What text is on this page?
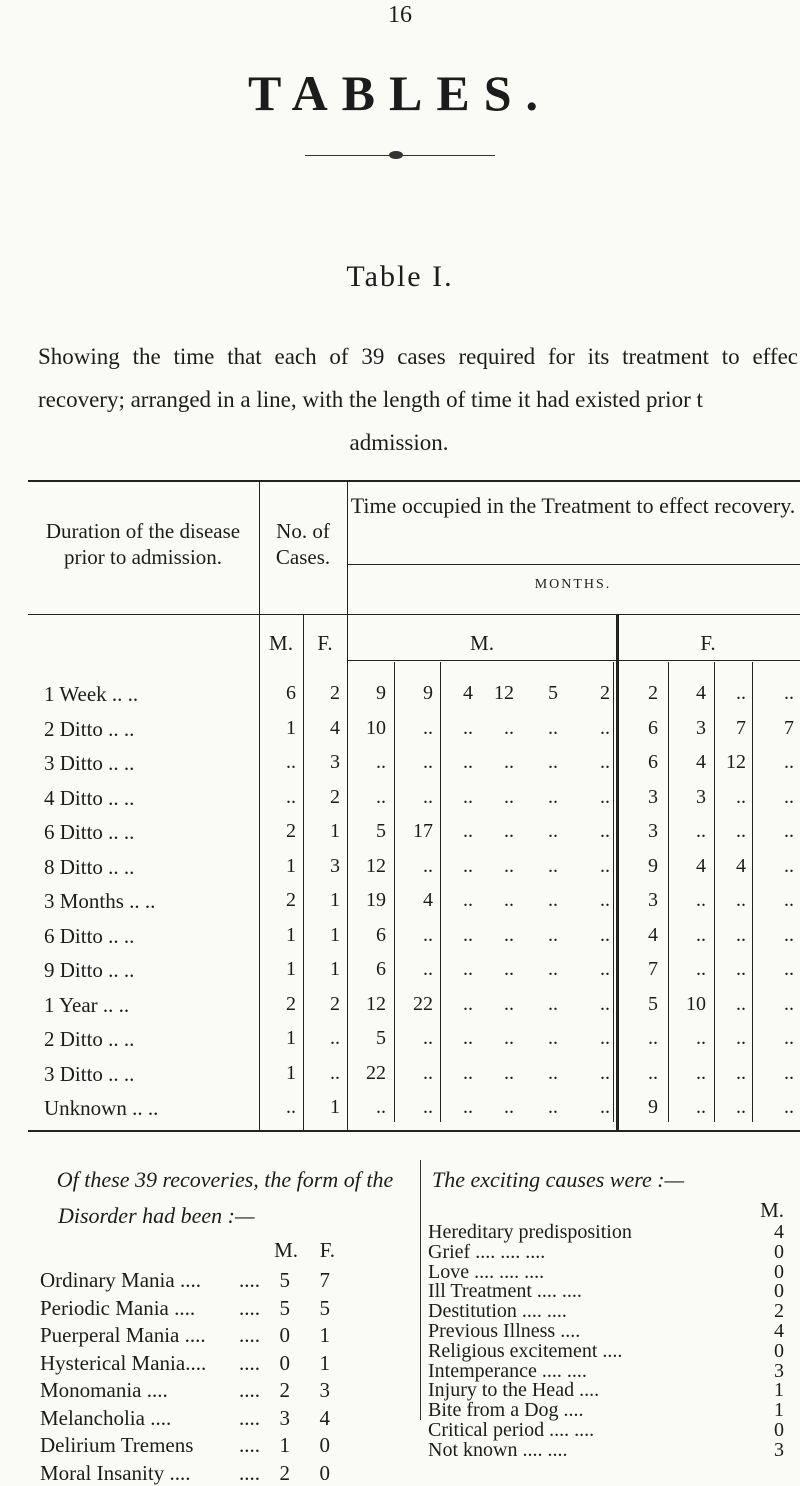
16
TABLES.
Table I.
Showing the time that each of 39 cases required for its treatment to effec recovery; arranged in a line, with the length of time it had existed prior t
admission.
Duration of the disease prior to admission.
No. of Cases.
Time occupied in the Treatment to effect recovery.
MONTHS.
M.	F.	M.	F.
1 Week .. ..	6	2	9	9	4	12	5	2	2	4	..	..
2 Ditto .. ..	1	4	10	..	..	..	..	..	6	3	7	7
3 Ditto .. ..	..	3	..	..	..	..	..	..	6	4	12	..
4 Ditto .. ..	..	2	..	..	..	..	..	..	3	3	..	..
6 Ditto .. ..	2	1	5	17	..	..	..	..	3	..	..	..
8 Ditto .. ..	1	3	12	..	..	..	..	..	9	4	4	..
3 Months .. ..	2	1	19	4	..	..	..	..	3	..	..	..
6 Ditto .. ..	1	1	6	..	..	..	..	..	4	..	..	..
9 Ditto .. ..	1	1	6	..	..	..	..	..	7	..	..	..
1 Year .. ..	2	2	12	22	..	..	..	..	5	10	..	..
2 Ditto .. ..	1	..	5	..	..	..	..	..	..	..	..	..
3 Ditto .. ..	1	..	22	..	..	..	..	..	..	..	..	..
Unknown .. ..	..	1	..	..	..	..	..	..	9	..	..	..
Of these 39 recoveries, the form of the
Disorder had been :—
M.	F.
Ordinary Mania ....	.... 5	7
Periodic Mania ....	.... 5	5
Puerperal Mania ....	.... 0	1
Hysterical Mania....	.... 0	1
Monomania ....	.... 2	3
Melancholia ....	.... 3	4
Delirium Tremens	.... 1	0
Moral Insanity ....	.... 2	0
The exciting causes were :—
M.
Hereditary predisposition	4
Grief .... .... ....	0
Love .... .... ....	0
Ill Treatment .... ....	0
Destitution .... ....	2
Previous Illness ....	4
Religious excitement ....	0
Intemperance .... ....	3
Injury to the Head ....	1
Bite from a Dog ....	1
Critical period .... ....	0
Not known .... ....	3
